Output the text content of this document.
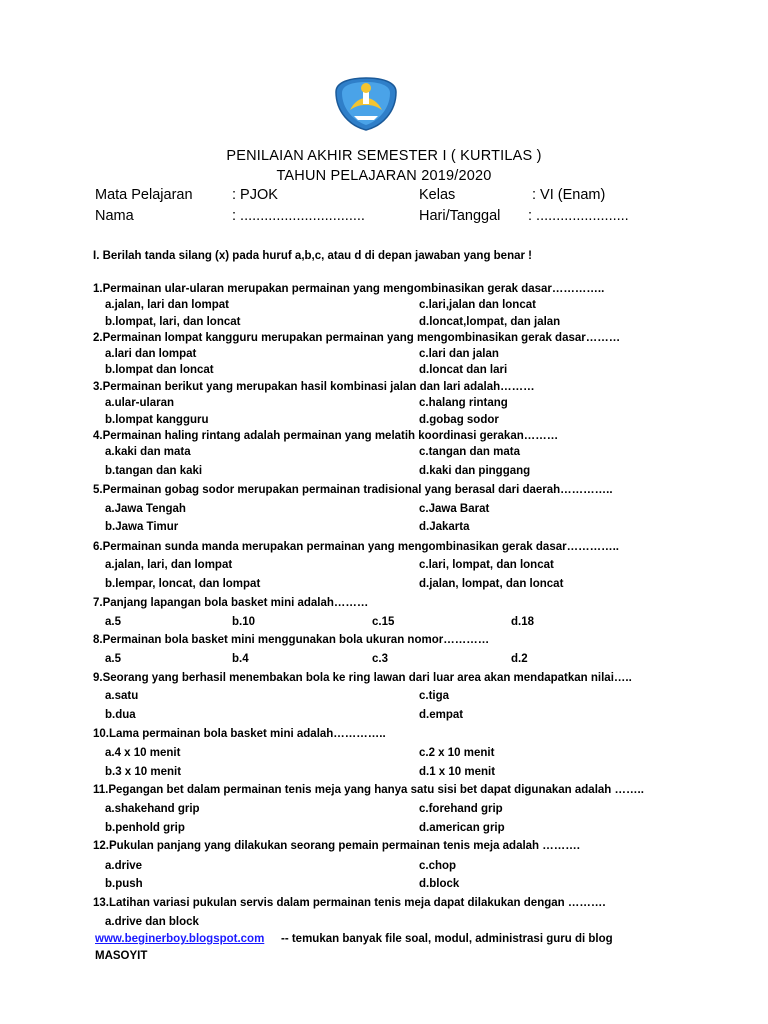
PENILAIAN AKHIR SEMESTER I ( KURTILAS )
TAHUN PELAJARAN 2019/2020
Mata Pelajaran	: PJOK	Kelas	: VI (Enam)
Nama	: ...............................	Hari/Tanggal : .......................
I. Berilah tanda silang (x) pada huruf a,b,c, atau d di depan jawaban yang benar !
1.Permainan ular-ularan merupakan permainan yang mengombinasikan gerak dasar…………..
a.jalan, lari dan lompat	c.lari,jalan dan loncat
b.lompat, lari, dan loncat	d.loncat,lompat, dan jalan
2.Permainan lompat kangguru merupakan permainan yang mengombinasikan gerak dasar………
a.lari dan lompat	c.lari dan jalan
b.lompat dan loncat	d.loncat dan lari
3.Permainan berikut yang merupakan hasil kombinasi jalan dan lari adalah………
a.ular-ularan	c.halang rintang
b.lompat kangguru	d.gobag sodor
4.Permainan haling rintang adalah permainan yang melatih koordinasi gerakan………
a.kaki dan mata	c.tangan dan mata
b.tangan dan kaki	d.kaki dan pinggang
5.Permainan gobag sodor merupakan permainan tradisional yang berasal dari daerah…………..
a.Jawa Tengah	c.Jawa Barat
b.Jawa Timur	d.Jakarta
6.Permainan sunda manda merupakan permainan yang mengombinasikan gerak dasar…………..
a.jalan, lari, dan lompat	c.lari, lompat, dan loncat
b.lempar, loncat, dan lompat	d.jalan, lompat, dan loncat
7.Panjang lapangan bola basket mini adalah………
a.5	b.10	c.15	d.18
8.Permainan bola basket mini menggunakan bola ukuran nomor…………
a.5	b.4	c.3	d.2
9.Seorang yang berhasil menembakan bola ke ring lawan dari luar area akan mendapatkan nilai…..
a.satu	c.tiga
b.dua	d.empat
10.Lama permainan bola basket mini adalah…………..
a.4 x 10 menit	c.2 x 10 menit
b.3 x 10 menit	d.1 x 10 menit
11.Pegangan bet dalam permainan tenis meja yang hanya satu sisi bet dapat digunakan adalah ……..
a.shakehand grip	c.forehand grip
b.penhold grip	d.american grip
12.Pukulan panjang yang dilakukan seorang pemain permainan tenis meja adalah ……….
a.drive	c.chop
b.push	d.block
13.Latihan variasi pukulan servis dalam permainan tenis meja dapat dilakukan dengan ……….
a.drive dan block
www.beginerboy.blogspot.com -- temukan banyak file soal, modul, administrasi guru di blog
MASOYIT
